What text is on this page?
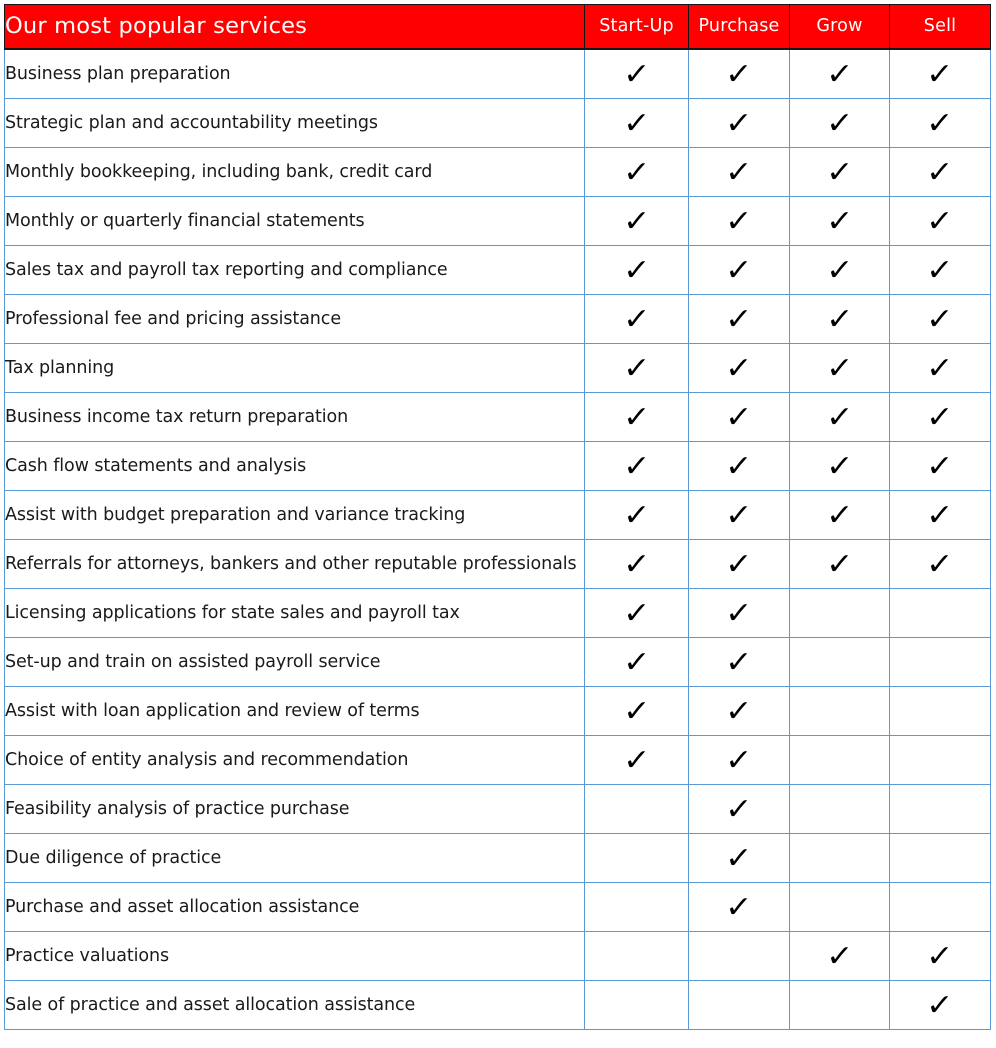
Our most popular services	Start-Up	Purchase	Grow	Sell
Business plan preparation	✓	✓	✓	✓
Strategic plan and accountability meetings	✓	✓	✓	✓
Monthly bookkeeping, including bank, credit card	✓	✓	✓	✓
Monthly or quarterly financial statements	✓	✓	✓	✓
Sales tax and payroll tax reporting and compliance	✓	✓	✓	✓
Professional fee and pricing assistance	✓	✓	✓	✓
Tax planning	✓	✓	✓	✓
Business income tax return preparation	✓	✓	✓	✓
Cash flow statements and analysis	✓	✓	✓	✓
Assist with budget preparation and variance tracking	✓	✓	✓	✓
Referrals for attorneys, bankers and other reputable professionals	✓	✓	✓	✓
Licensing applications for state sales and payroll tax	✓	✓		
Set-up and train on assisted payroll service	✓	✓		
Assist with loan application and review of terms	✓	✓		
Choice of entity analysis and recommendation	✓	✓		
Feasibility analysis of practice purchase		✓		
Due diligence of practice		✓		
Purchase and asset allocation assistance		✓		
Practice valuations			✓	✓
Sale of practice and asset allocation assistance				✓
